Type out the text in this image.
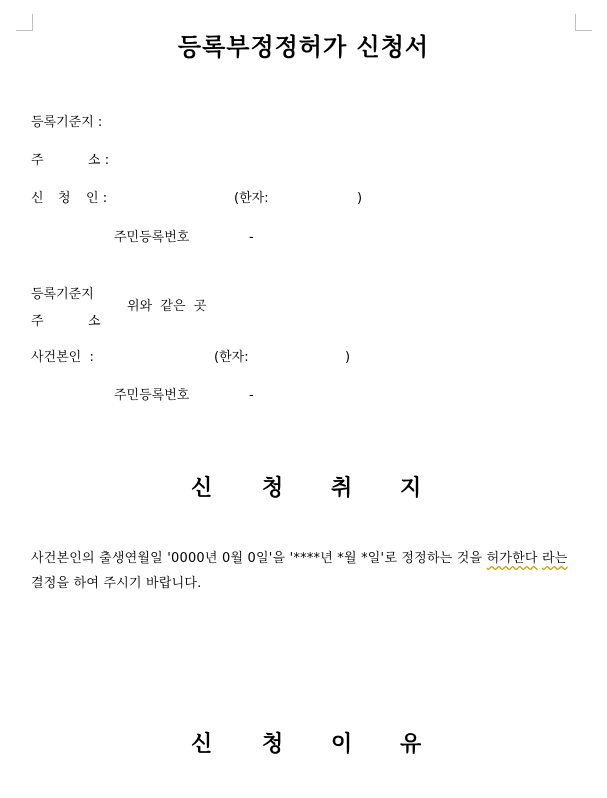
등록부정정허가 신청서
등록기준지 :
주	소 :
신 청 인 :	(한자:	)
주민등록번호	-
등록기준지
주	소
위와  같은  곳
사건본인  :	(한자:	)
주민등록번호	-
신 청 취 지
사건본인의 출생연월일 '0000년 0월 0일'을 '****년 *월 *일'로 정정하는 것을 허가한다 라는 결정을 하여 주시기 바랍니다.
신 청 이 유
